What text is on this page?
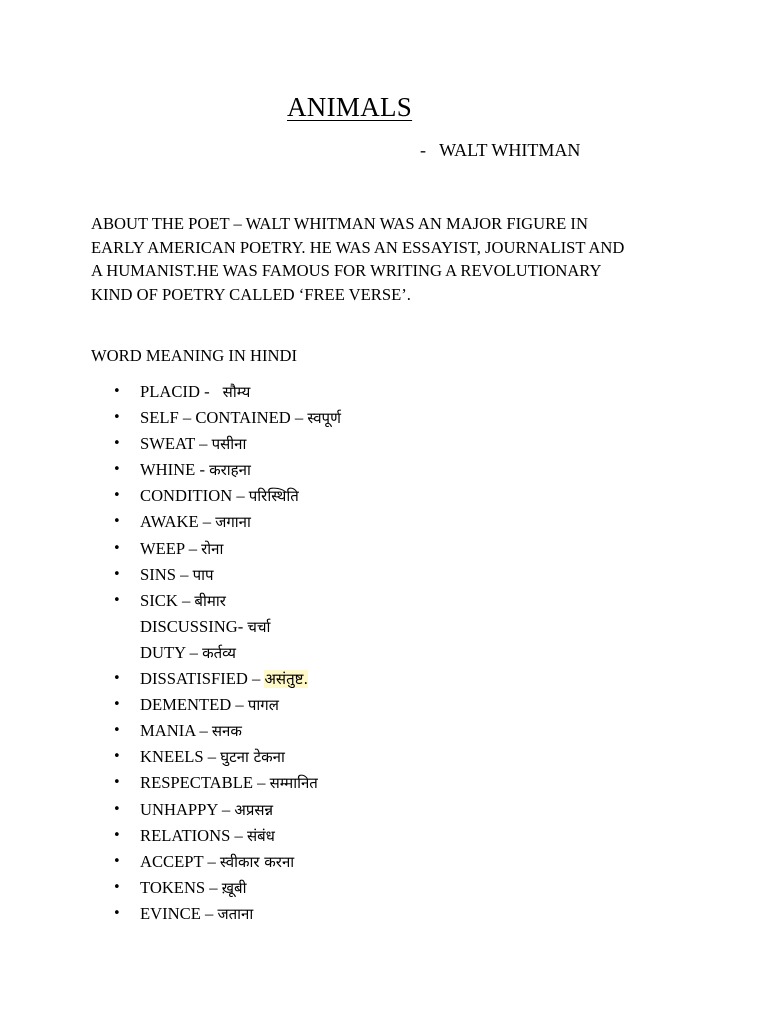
ANIMALS
-   WALT WHITMAN

ABOUT THE POET – WALT WHITMAN WAS AN MAJOR FIGURE IN

EARLY AMERICAN POETRY. HE WAS AN ESSAYIST, JOURNALIST AND

A HUMANIST.HE WAS FAMOUS FOR WRITING A REVOLUTIONARY

KIND OF POETRY CALLED ‘FREE VERSE’.

WORD MEANING IN HINDI
• PLACID -   सौम्य
• SELF – CONTAINED – स्वपूर्ण
• SWEAT – पसीना
• WHINE - कराहना
• CONDITION – परिस्थिति
• AWAKE – जगाना
• WEEP – रोना
• SINS – पाप
• SICK – बीमार
DISCUSSING- चर्चा
DUTY – कर्तव्य
• DISSATISFIED – असंतुष्ट.
• DEMENTED – पागल
• MANIA – सनक
• KNEELS – घुटना टेकना
• RESPECTABLE – सम्मानित
• UNHAPPY – अप्रसन्न
• RELATIONS – संबंध
• ACCEPT – स्वीकार करना
• TOKENS – ख़ूबी
• EVINCE – जताना
